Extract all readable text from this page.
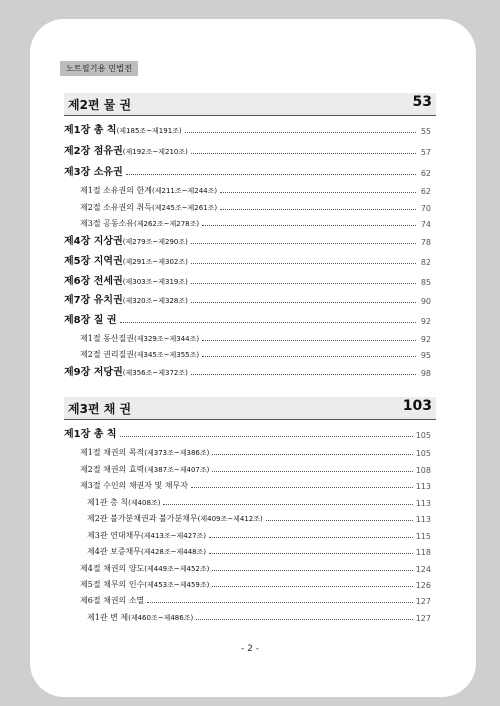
노트필기용 민법전
제2편 물 권	53
제1장 총 칙(제185조~제191조)	55
제2장 점유권(제192조~제210조)	57
제3장 소유권	62
제1절 소유권의 한계(제211조~제244조)	62
제2절 소유권의 취득(제245조~제261조)	70
제3절 공동소유(제262조~제278조)	74
제4장 지상권(제279조~제290조)	78
제5장 지역권(제291조~제302조)	82
제6장 전세권(제303조~제319조)	85
제7장 유치권(제320조~제328조)	90
제8장 질 권	92
제1절 동산질권(제329조~제344조)	92
제2절 권리질권(제345조~제355조)	95
제9장 저당권(제356조~제372조)	98
제3편 채 권	103
제1장 총 칙	105
제1절 채권의 목적(제373조~제386조)	105
제2절 채권의 효력(제387조~제407조)	108
제3절 수인의 채권자 및 채무자	113
제1관 총 칙(제408조)	113
제2관 불가분채권과 불가분채무(제409조~제412조)	113
제3관 연대채무(제413조~제427조)	115
제4관 보증채무(제428조~제448조)	118
제4절 채권의 양도(제449조~제452조)	124
제5절 채무의 인수(제453조~제459조)	126
제6절 채권의 소멸	127
제1관 변 제(제460조~제486조)	127
- 2 -
